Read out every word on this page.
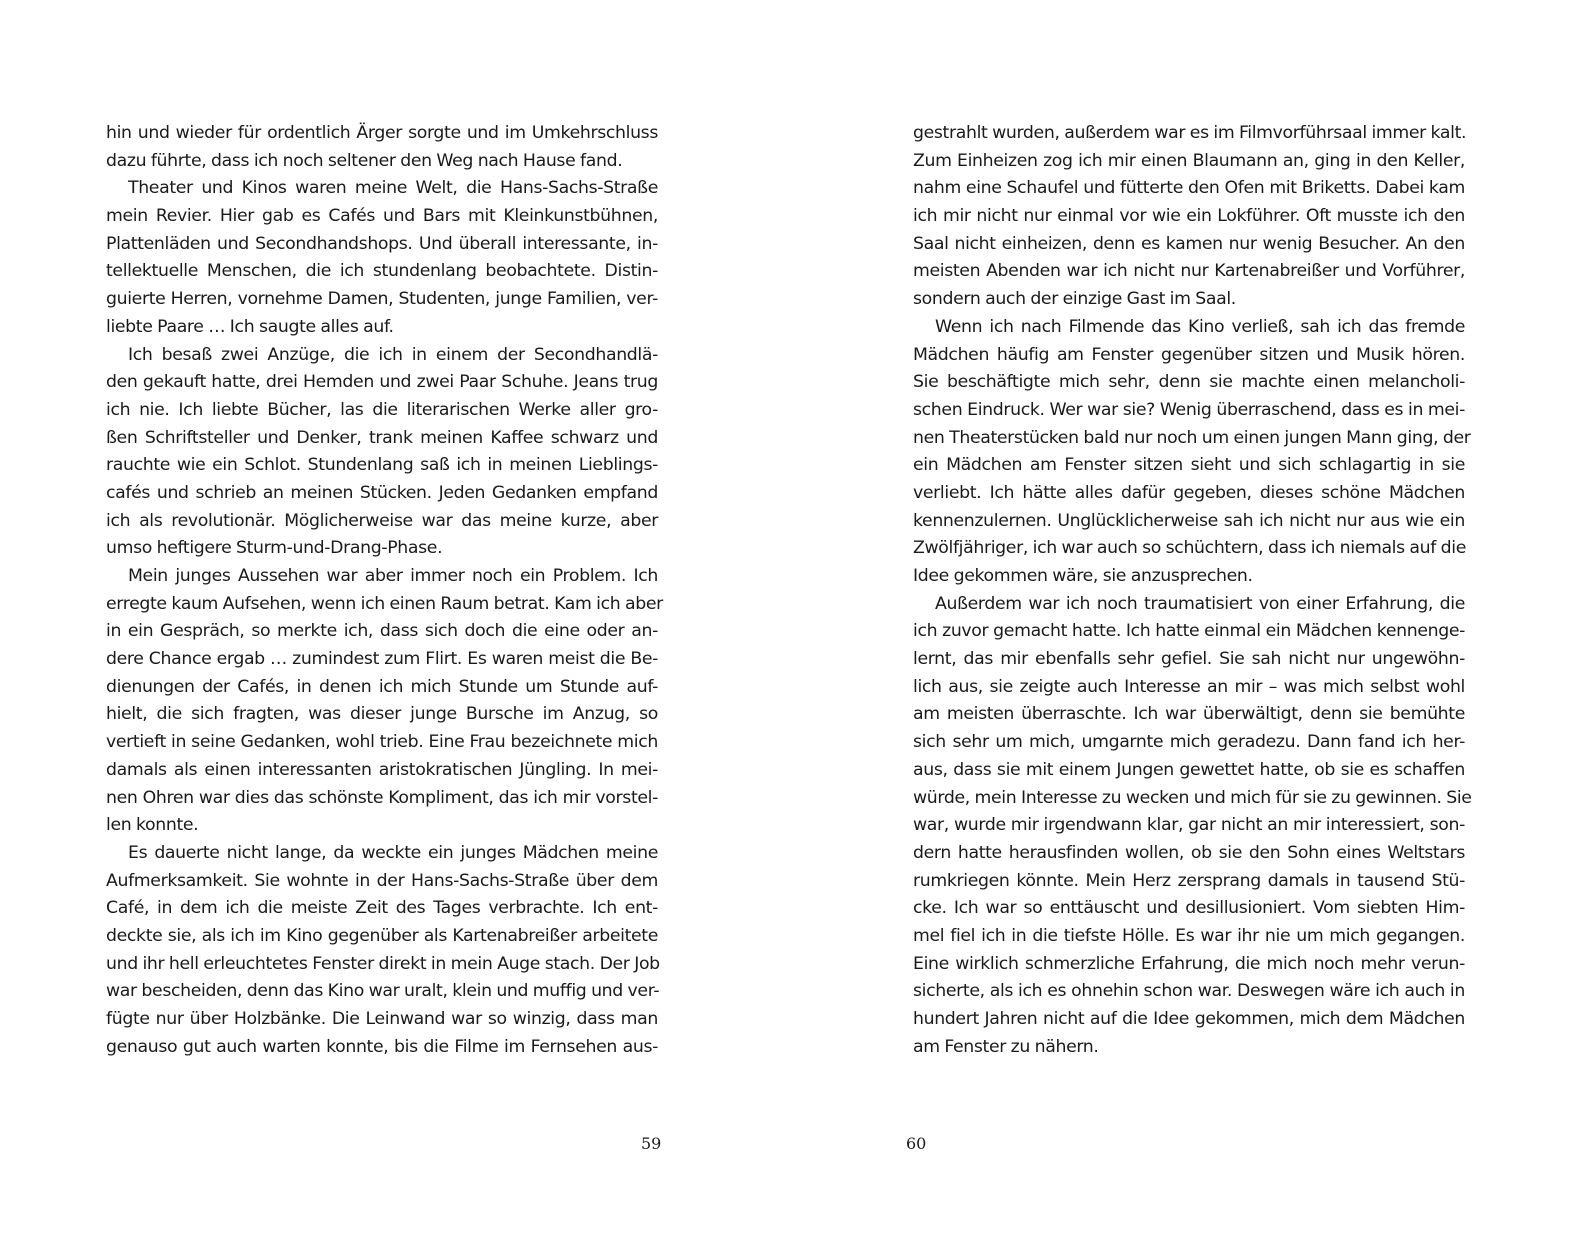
hin und wieder für ordentlich Ärger sorgte und im Umkehrschluss
dazu führte, dass ich noch seltener den Weg nach Hause fand.
Theater und Kinos waren meine Welt, die Hans-Sachs-Straße
mein Revier. Hier gab es Cafés und Bars mit Kleinkunstbühnen,
Plattenläden und Secondhandshops. Und überall interessante, in-
tellektuelle Menschen, die ich stundenlang beobachtete. Distin-
guierte Herren, vornehme Damen, Studenten, junge Familien, ver-
liebte Paare … Ich saugte alles auf.
Ich besaß zwei Anzüge, die ich in einem der Secondhandlä-
den gekauft hatte, drei Hemden und zwei Paar Schuhe. Jeans trug
ich nie. Ich liebte Bücher, las die literarischen Werke aller gro-
ßen Schriftsteller und Denker, trank meinen Kaffee schwarz und
rauchte wie ein Schlot. Stundenlang saß ich in meinen Lieblings-
cafés und schrieb an meinen Stücken. Jeden Gedanken empfand
ich als revolutionär. Möglicherweise war das meine kurze, aber
umso heftigere Sturm-und-Drang-Phase.
Mein junges Aussehen war aber immer noch ein Problem. Ich
erregte kaum Aufsehen, wenn ich einen Raum betrat. Kam ich aber
in ein Gespräch, so merkte ich, dass sich doch die eine oder an-
dere Chance ergab … zumindest zum Flirt. Es waren meist die Be-
dienungen der Cafés, in denen ich mich Stunde um Stunde auf-
hielt, die sich fragten, was dieser junge Bursche im Anzug, so
vertieft in seine Gedanken, wohl trieb. Eine Frau bezeichnete mich
damals als einen interessanten aristokratischen Jüngling. In mei-
nen Ohren war dies das schönste Kompliment, das ich mir vorstel-
len konnte.
Es dauerte nicht lange, da weckte ein junges Mädchen meine
Aufmerksamkeit. Sie wohnte in der Hans-Sachs-Straße über dem
Café, in dem ich die meiste Zeit des Tages verbrachte. Ich ent-
deckte sie, als ich im Kino gegenüber als Kartenabreißer arbeitete
und ihr hell erleuchtetes Fenster direkt in mein Auge stach. Der Job
war bescheiden, denn das Kino war uralt, klein und muffig und ver-
fügte nur über Holzbänke. Die Leinwand war so winzig, dass man
genauso gut auch warten konnte, bis die Filme im Fernsehen aus-
gestrahlt wurden, außerdem war es im Filmvorführsaal immer kalt.
Zum Einheizen zog ich mir einen Blaumann an, ging in den Keller,
nahm eine Schaufel und fütterte den Ofen mit Briketts. Dabei kam
ich mir nicht nur einmal vor wie ein Lokführer. Oft musste ich den
Saal nicht einheizen, denn es kamen nur wenig Besucher. An den
meisten Abenden war ich nicht nur Kartenabreißer und Vorführer,
sondern auch der einzige Gast im Saal.
Wenn ich nach Filmende das Kino verließ, sah ich das fremde
Mädchen häufig am Fenster gegenüber sitzen und Musik hören.
Sie beschäftigte mich sehr, denn sie machte einen melancholi-
schen Eindruck. Wer war sie? Wenig überraschend, dass es in mei-
nen Theaterstücken bald nur noch um einen jungen Mann ging, der
ein Mädchen am Fenster sitzen sieht und sich schlagartig in sie
verliebt. Ich hätte alles dafür gegeben, dieses schöne Mädchen
kennenzulernen. Unglücklicherweise sah ich nicht nur aus wie ein
Zwölfjähriger, ich war auch so schüchtern, dass ich niemals auf die
Idee gekommen wäre, sie anzusprechen.
Außerdem war ich noch traumatisiert von einer Erfahrung, die
ich zuvor gemacht hatte. Ich hatte einmal ein Mädchen kennenge-
lernt, das mir ebenfalls sehr gefiel. Sie sah nicht nur ungewöhn-
lich aus, sie zeigte auch Interesse an mir – was mich selbst wohl
am meisten überraschte. Ich war überwältigt, denn sie bemühte
sich sehr um mich, umgarnte mich geradezu. Dann fand ich her-
aus, dass sie mit einem Jungen gewettet hatte, ob sie es schaffen
würde, mein Interesse zu wecken und mich für sie zu gewinnen. Sie
war, wurde mir irgendwann klar, gar nicht an mir interessiert, son-
dern hatte herausfinden wollen, ob sie den Sohn eines Weltstars
rumkriegen könnte. Mein Herz zersprang damals in tausend Stü-
cke. Ich war so enttäuscht und desillusioniert. Vom siebten Him-
mel fiel ich in die tiefste Hölle. Es war ihr nie um mich gegangen.
Eine wirklich schmerzliche Erfahrung, die mich noch mehr verun-
sicherte, als ich es ohnehin schon war. Deswegen wäre ich auch in
hundert Jahren nicht auf die Idee gekommen, mich dem Mädchen
am Fenster zu nähern.
59	60
